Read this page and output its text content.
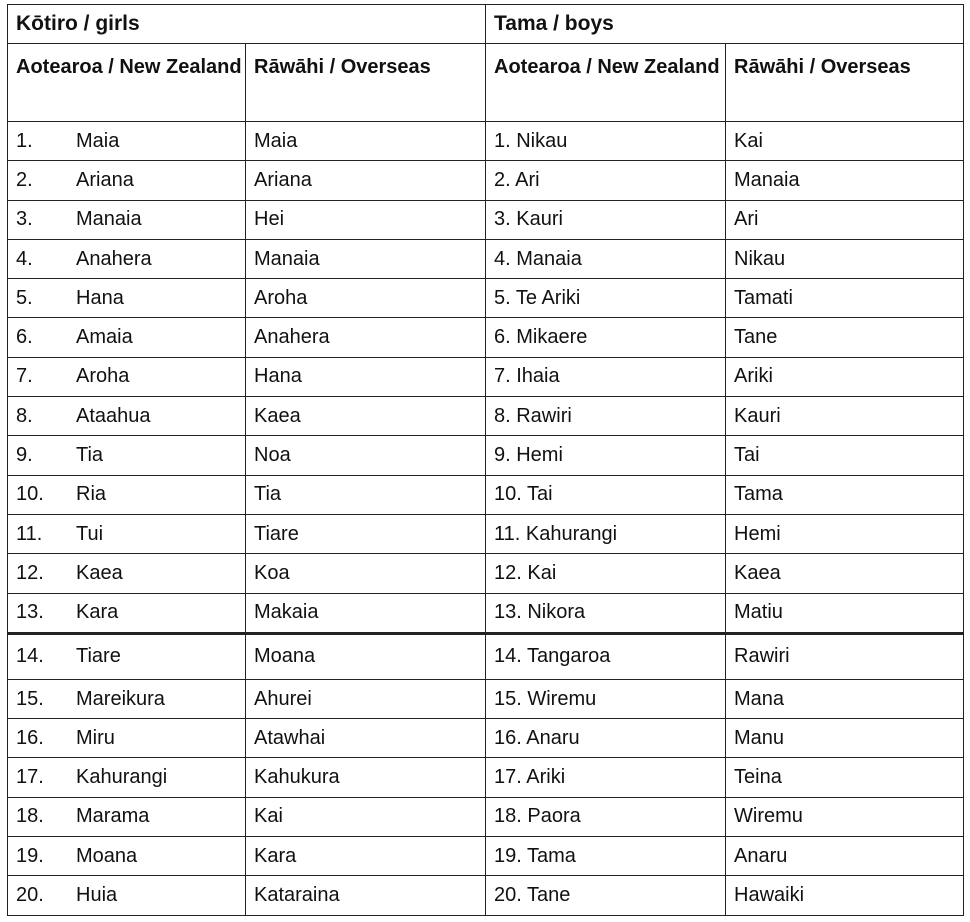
Kōtiro / girls		Tama / boys	
Aotearoa / New Zealand	Rāwāhi / Overseas	Aotearoa / New Zealand	Rāwāhi / Overseas
1. Maia	Maia	1. Nikau	Kai
2. Ariana	Ariana	2. Ari	Manaia
3. Manaia	Hei	3. Kauri	Ari
4. Anahera	Manaia	4. Manaia	Nikau
5. Hana	Aroha	5. Te Ariki	Tamati
6. Amaia	Anahera	6. Mikaere	Tane
7. Aroha	Hana	7. Ihaia	Ariki
8. Ataahua	Kaea	8. Rawiri	Kauri
9. Tia	Noa	9. Hemi	Tai
10. Ria	Tia	10. Tai	Tama
11. Tui	Tiare	11. Kahurangi	Hemi
12. Kaea	Koa	12. Kai	Kaea
13. Kara	Makaia	13. Nikora	Matiu
14. Tiare	Moana	14. Tangaroa	Rawiri
15. Mareikura	Ahurei	15. Wiremu	Mana
16. Miru	Atawhai	16. Anaru	Manu
17. Kahurangi	Kahukura	17. Ariki	Teina
18. Marama	Kai	18. Paora	Wiremu
19. Moana	Kara	19. Tama	Anaru
20. Huia	Kataraina	20. Tane	Hawaiki
